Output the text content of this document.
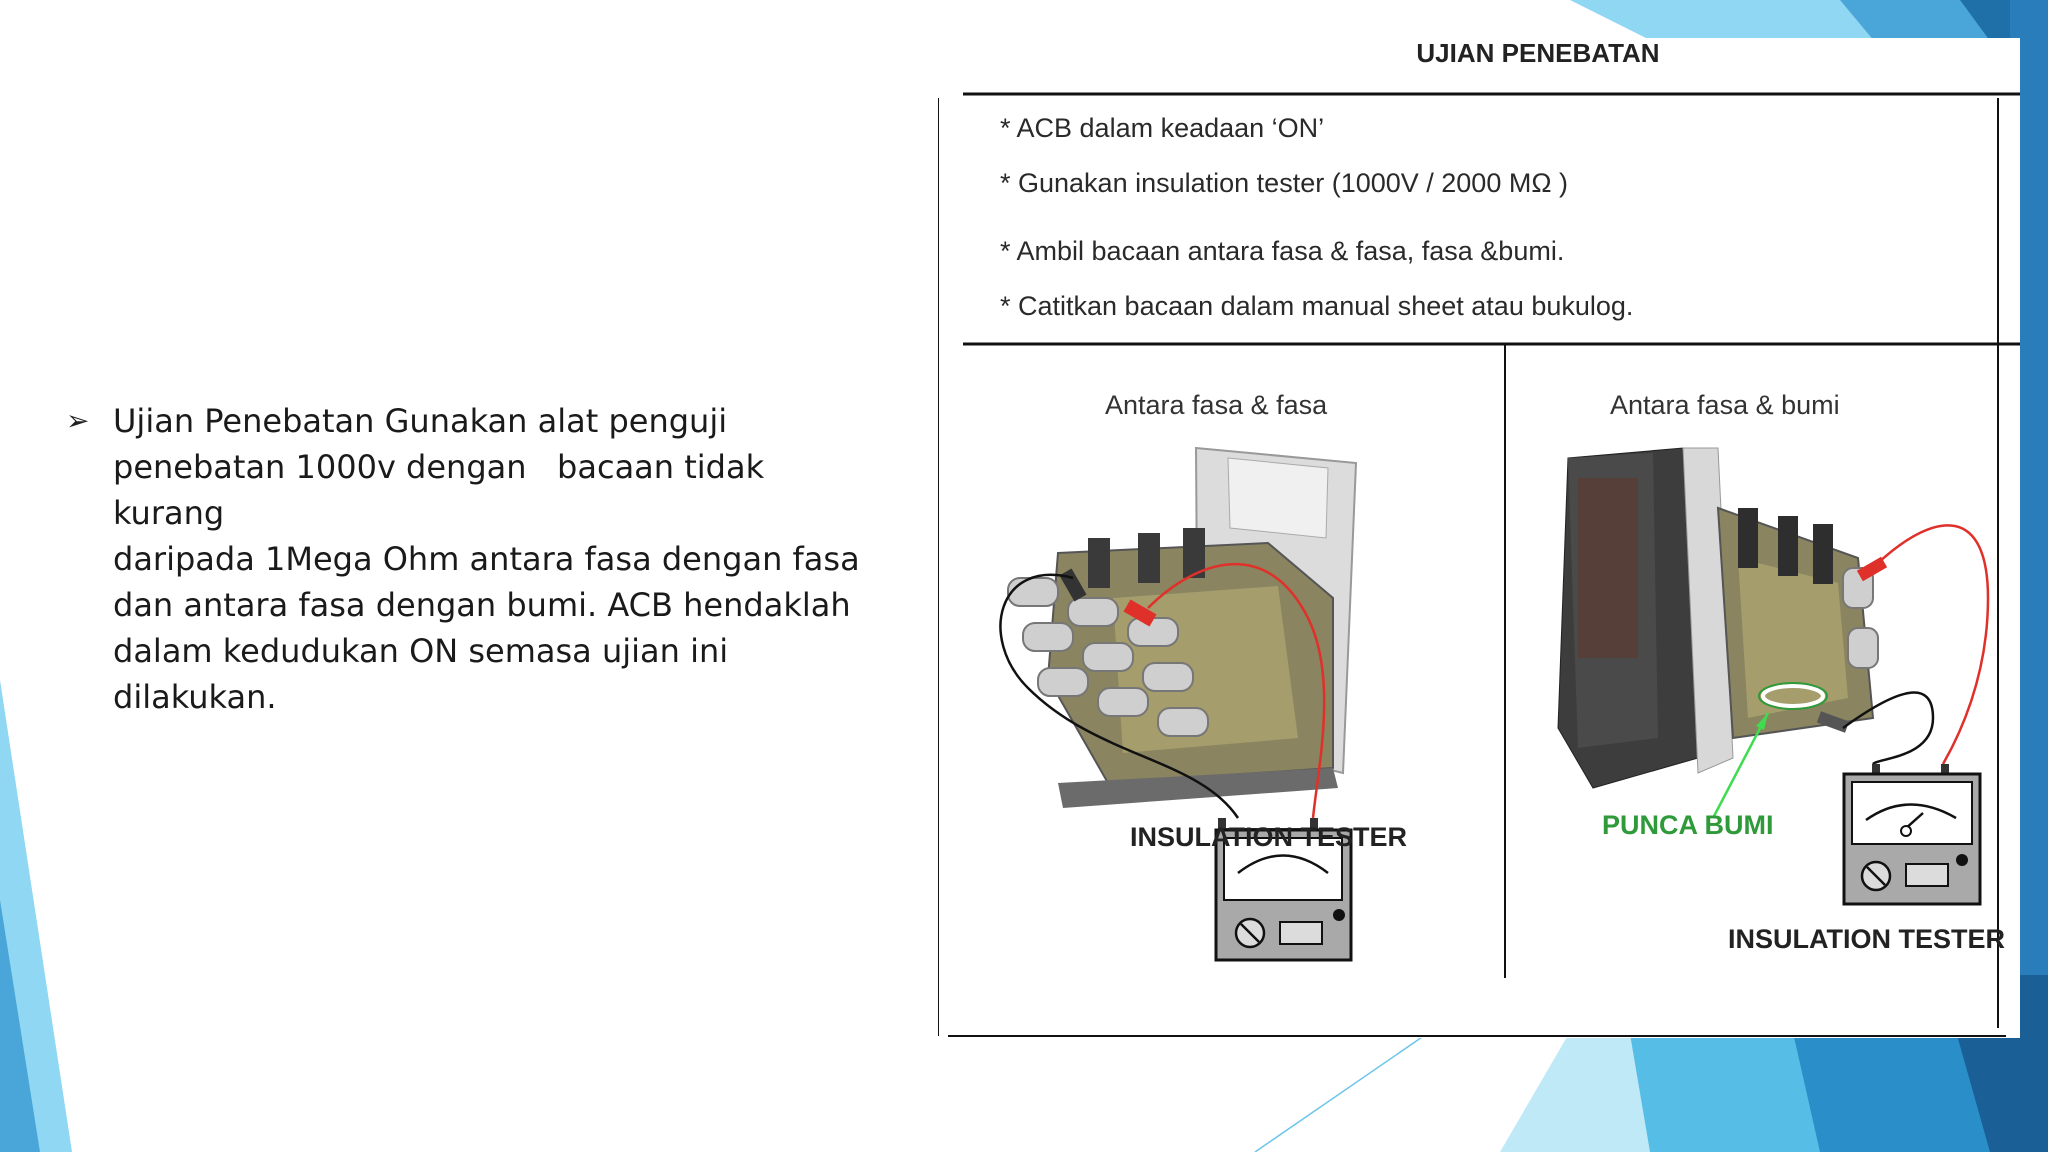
➢ Ujian Penebatan Gunakan alat penguji
penebatan 1000v dengan   bacaan tidak kurang
daripada 1Mega Ohm antara fasa dengan fasa
dan antara fasa dengan bumi. ACB hendaklah
dalam kedudukan ON semasa ujian ini
dilakukan.
UJIAN PENEBATAN
* ACB dalam keadaan ‘ON’
* Gunakan insulation tester (1000V / 2000 MΩ )
* Ambil bacaan antara fasa & fasa, fasa &bumi.
* Catitkan bacaan dalam manual sheet atau bukulog.
Antara fasa & fasa	Antara fasa & bumi
INSULATION TESTER	PUNCA BUMI
INSULATION TESTER
